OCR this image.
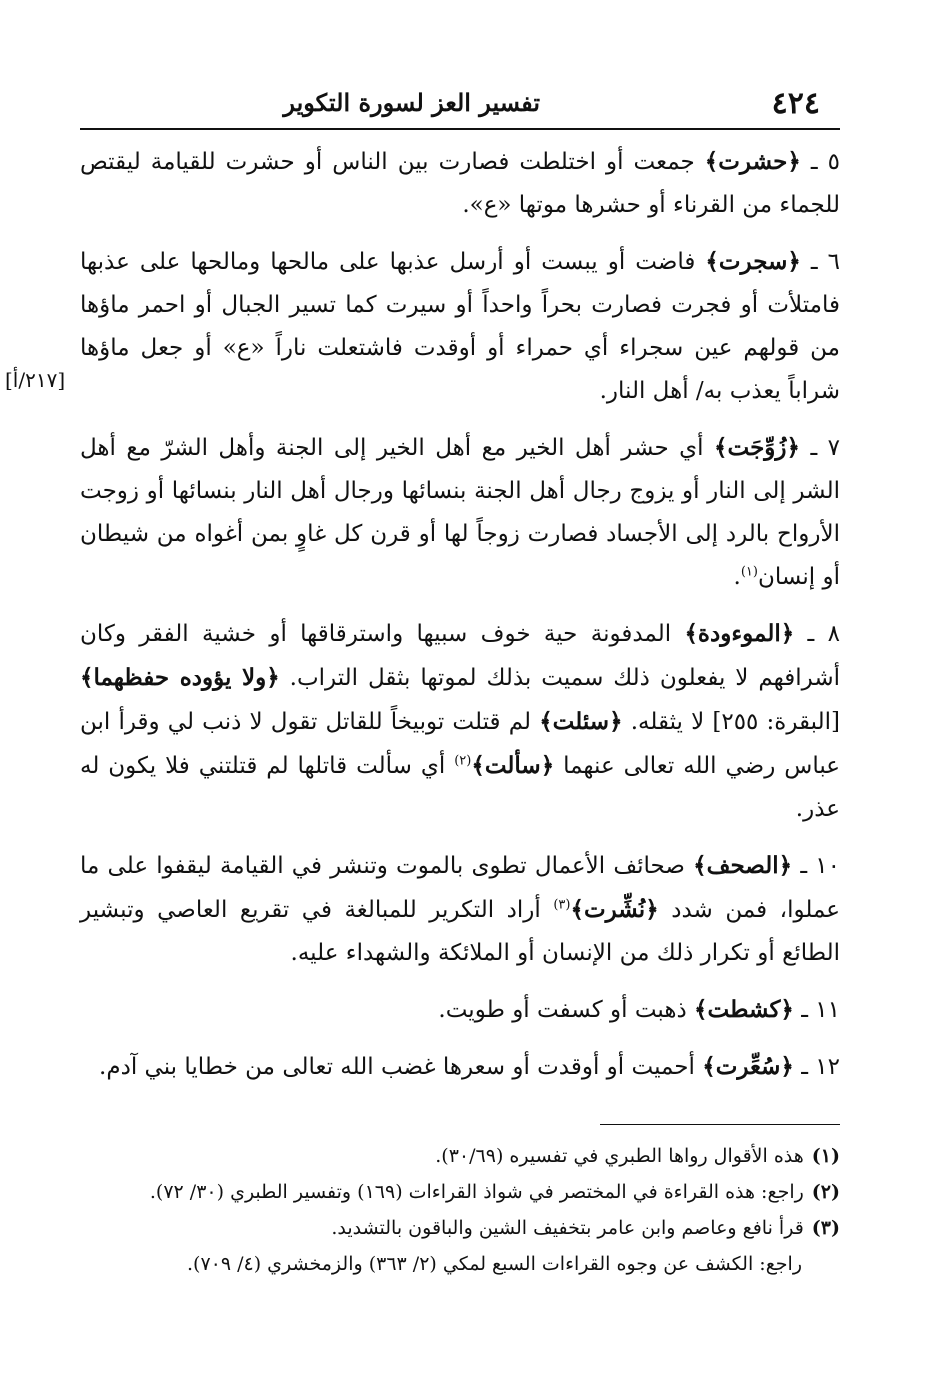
٤٢٤
تفسير العز لسورة التكوير
[٢١٧/أ]

٥ ـ ﴿حشرت﴾ جمعت أو اختلطت فصارت بين الناس أو حشرت للقيامة ليقتص للجماء من القرناء أو حشرها موتها «ع».

٦ ـ ﴿سجرت﴾ فاضت أو يبست أو أرسل عذبها على مالحها ومالحها على عذبها فامتلأت أو فجرت فصارت بحراً واحداً أو سيرت كما تسير الجبال أو احمر ماؤها من قولهم عين سجراء أي حمراء أو أوقدت فاشتعلت ناراً «ع» أو جعل ماؤها شراباً يعذب به/ أهل النار.

٧ ـ ﴿زُوِّجَت﴾ أي حشر أهل الخير مع أهل الخير إلى الجنة وأهل الشرّ مع أهل الشر إلى النار أو يزوج رجال أهل الجنة بنسائها ورجال أهل النار بنسائها أو زوجت الأرواح بالرد إلى الأجساد فصارت زوجاً لها أو قرن كل غاوٍ بمن أغواه من شيطان أو إنسان$^{(١)}$.

٨ ـ ﴿الموءودة﴾ المدفونة حية خوف سبيها واسترقاقها أو خشية الفقر وكان أشرافهم لا يفعلون ذلك سميت بذلك لموتها بثقل التراب. ﴿ولا يؤوده حفظهما﴾ [البقرة: ٢٥٥] لا يثقله. ﴿سئلت﴾ لم قتلت توبيخاً للقاتل تقول لا ذنب لي وقرأ ابن عباس رضي الله تعالى عنهما ﴿سألت﴾$^{(٢)}$ أي سألت قاتلها لم قتلتني فلا يكون له عذر.

١٠ ـ ﴿الصحف﴾ صحائف الأعمال تطوى بالموت وتنشر في القيامة ليقفوا على ما عملوا، فمن شدد ﴿نُشِّرت﴾$^{(٣)}$ أراد التكرير للمبالغة في تقريع العاصي وتبشير الطائع أو تكرار ذلك من الإنسان أو الملائكة والشهداء عليه.

١١ ـ ﴿كشطت﴾ ذهبت أو كسفت أو طويت.

١٢ ـ ﴿سُعِّرت﴾ أحميت أو أوقدت أو سعرها غضب الله تعالى من خطايا بني آدم.

(١)هذه الأقوال رواها الطبري في تفسيره (٣٠/٦٩).
(٢)راجع: هذه القراءة في المختصر في شواذ القراءات (١٦٩) وتفسير الطبري (٣٠/ ٧٢).
(٣)قرأ نافع وعاصم وابن عامر بتخفيف الشين والباقون بالتشديد.
راجع: الكشف عن وجوه القراءات السبع لمكي (٢/ ٣٦٣) والزمخشري (٤/ ٧٠٩).
